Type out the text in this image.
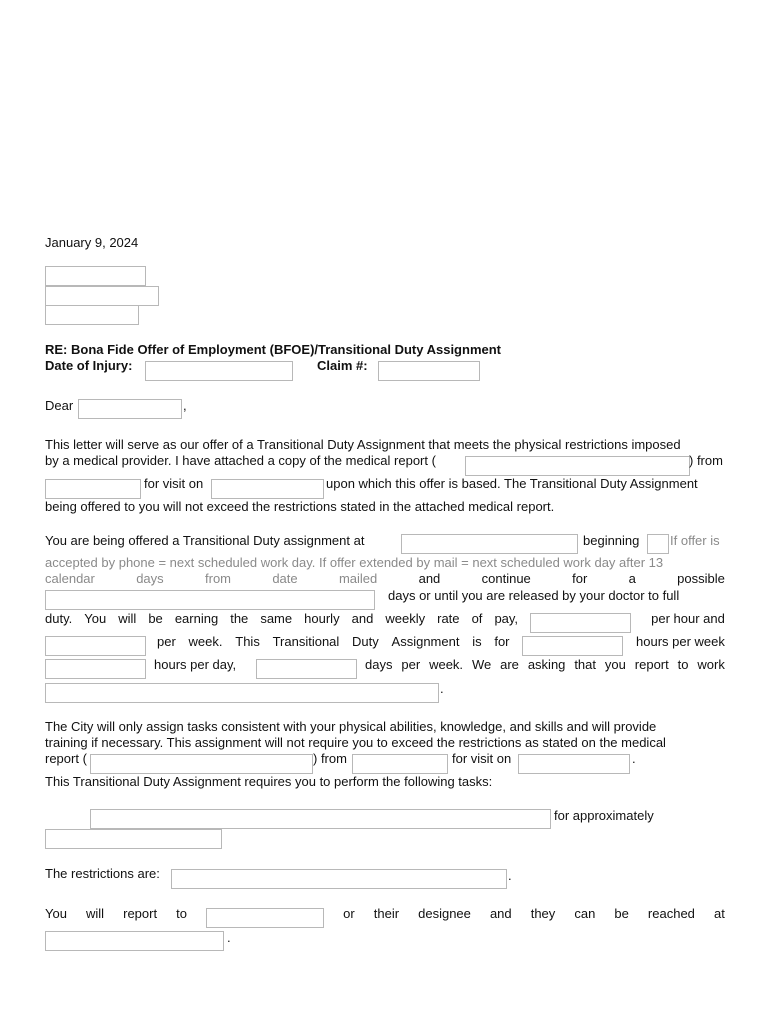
January 9, 2024
RE: Bona Fide Offer of Employment (BFOE)/Transitional Duty Assignment
Date of Injury:	Claim #:
Dear	,
This letter will serve as our offer of a Transitional Duty Assignment that meets the physical restrictions imposed
by a medical provider. I have attached a copy of the medical report (	) from
for visit on	upon which this offer is based. The Transitional Duty Assignment
being offered to you will not exceed the restrictions stated in the attached medical report.
You are being offered a Transitional Duty assignment at	beginning If offer is
accepted by phone = next scheduled work day. If offer extended by mail = next scheduled work day after 13
calendar	days	from	date	mailed	and	continue	for	a	possible
days or until you are released by your doctor to full
duty. You will be earning the same hourly and weekly rate of pay,	per hour and
per week. This Transitional Duty Assignment is for	hours per week
hours per day,	days per week. We are asking that you report to work
.
The City will only assign tasks consistent with your physical abilities, knowledge, and skills and will provide
training if necessary. This assignment will not require you to exceed the restrictions as stated on the medical
report (	) from	for visit on	.
This Transitional Duty Assignment requires you to perform the following tasks:
for approximately
The restrictions are:	.
You will report to	or their designee and they can be reached at
.
